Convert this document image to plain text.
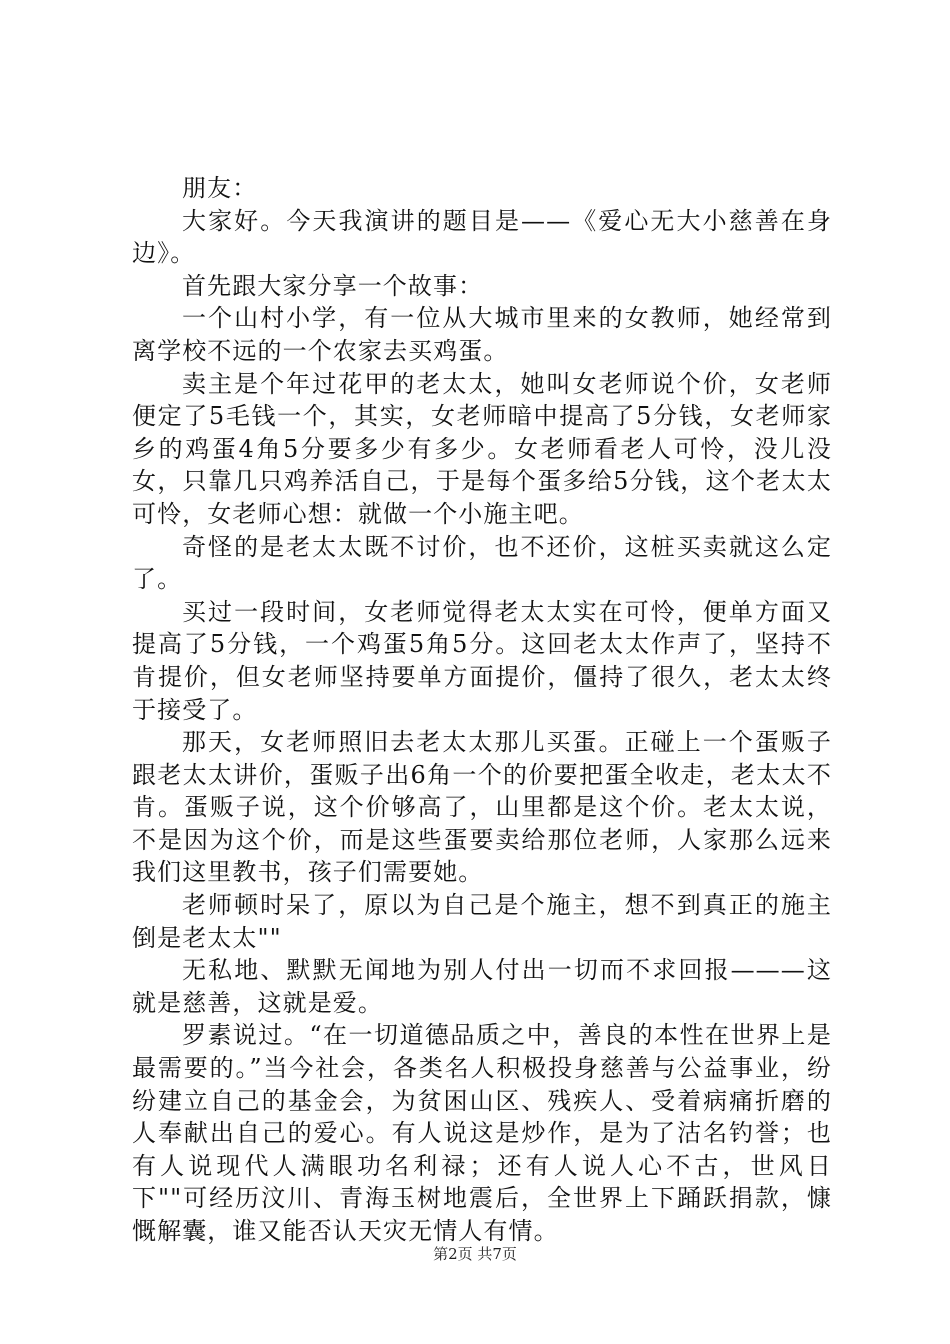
朋友：

大家好。今天我演讲的题目是——《爱心无大小慈善在身边》。

首先跟大家分享一个故事：

一个山村小学，有一位从大城市里来的女教师，她经常到离学校不远的一个农家去买鸡蛋。

卖主是个年过花甲的老太太，她叫女老师说个价，女老师便定了5毛钱一个，其实，女老师暗中提高了5分钱，女老师家乡的鸡蛋4角5分要多少有多少。女老师看老人可怜，没儿没女，只靠几只鸡养活自己，于是每个蛋多给5分钱，这个老太太可怜，女老师心想：就做一个小施主吧。

奇怪的是老太太既不讨价，也不还价，这桩买卖就这么定了。

买过一段时间，女老师觉得老太太实在可怜，便单方面又提高了5分钱，一个鸡蛋5角5分。这回老太太作声了，坚持不肯提价，但女老师坚持要单方面提价，僵持了很久，老太太终于接受了。

那天，女老师照旧去老太太那儿买蛋。正碰上一个蛋贩子跟老太太讲价，蛋贩子出6角一个的价要把蛋全收走，老太太不肯。蛋贩子说，这个价够高了，山里都是这个价。老太太说，不是因为这个价，而是这些蛋要卖给那位老师，人家那么远来我们这里教书，孩子们需要她。

老师顿时呆了，原以为自己是个施主，想不到真正的施主倒是老太太""

无私地、默默无闻地为别人付出一切而不求回报———这就是慈善，这就是爱。

罗素说过。“在一切道德品质之中，善良的本性在世界上是最需要的。”当今社会，各类名人积极投身慈善与公益事业，纷纷建立自己的基金会，为贫困山区、残疾人、受着病痛折磨的人奉献出自己的爱心。有人说这是炒作，是为了沽名钓誉；也有人说现代人满眼功名利禄；还有人说人心不古，世风日下""可经历汶川、青海玉树地震后，全世界上下踊跃捐款，慷慨解囊，谁又能否认天灾无情人有情。

第2页 共7页
